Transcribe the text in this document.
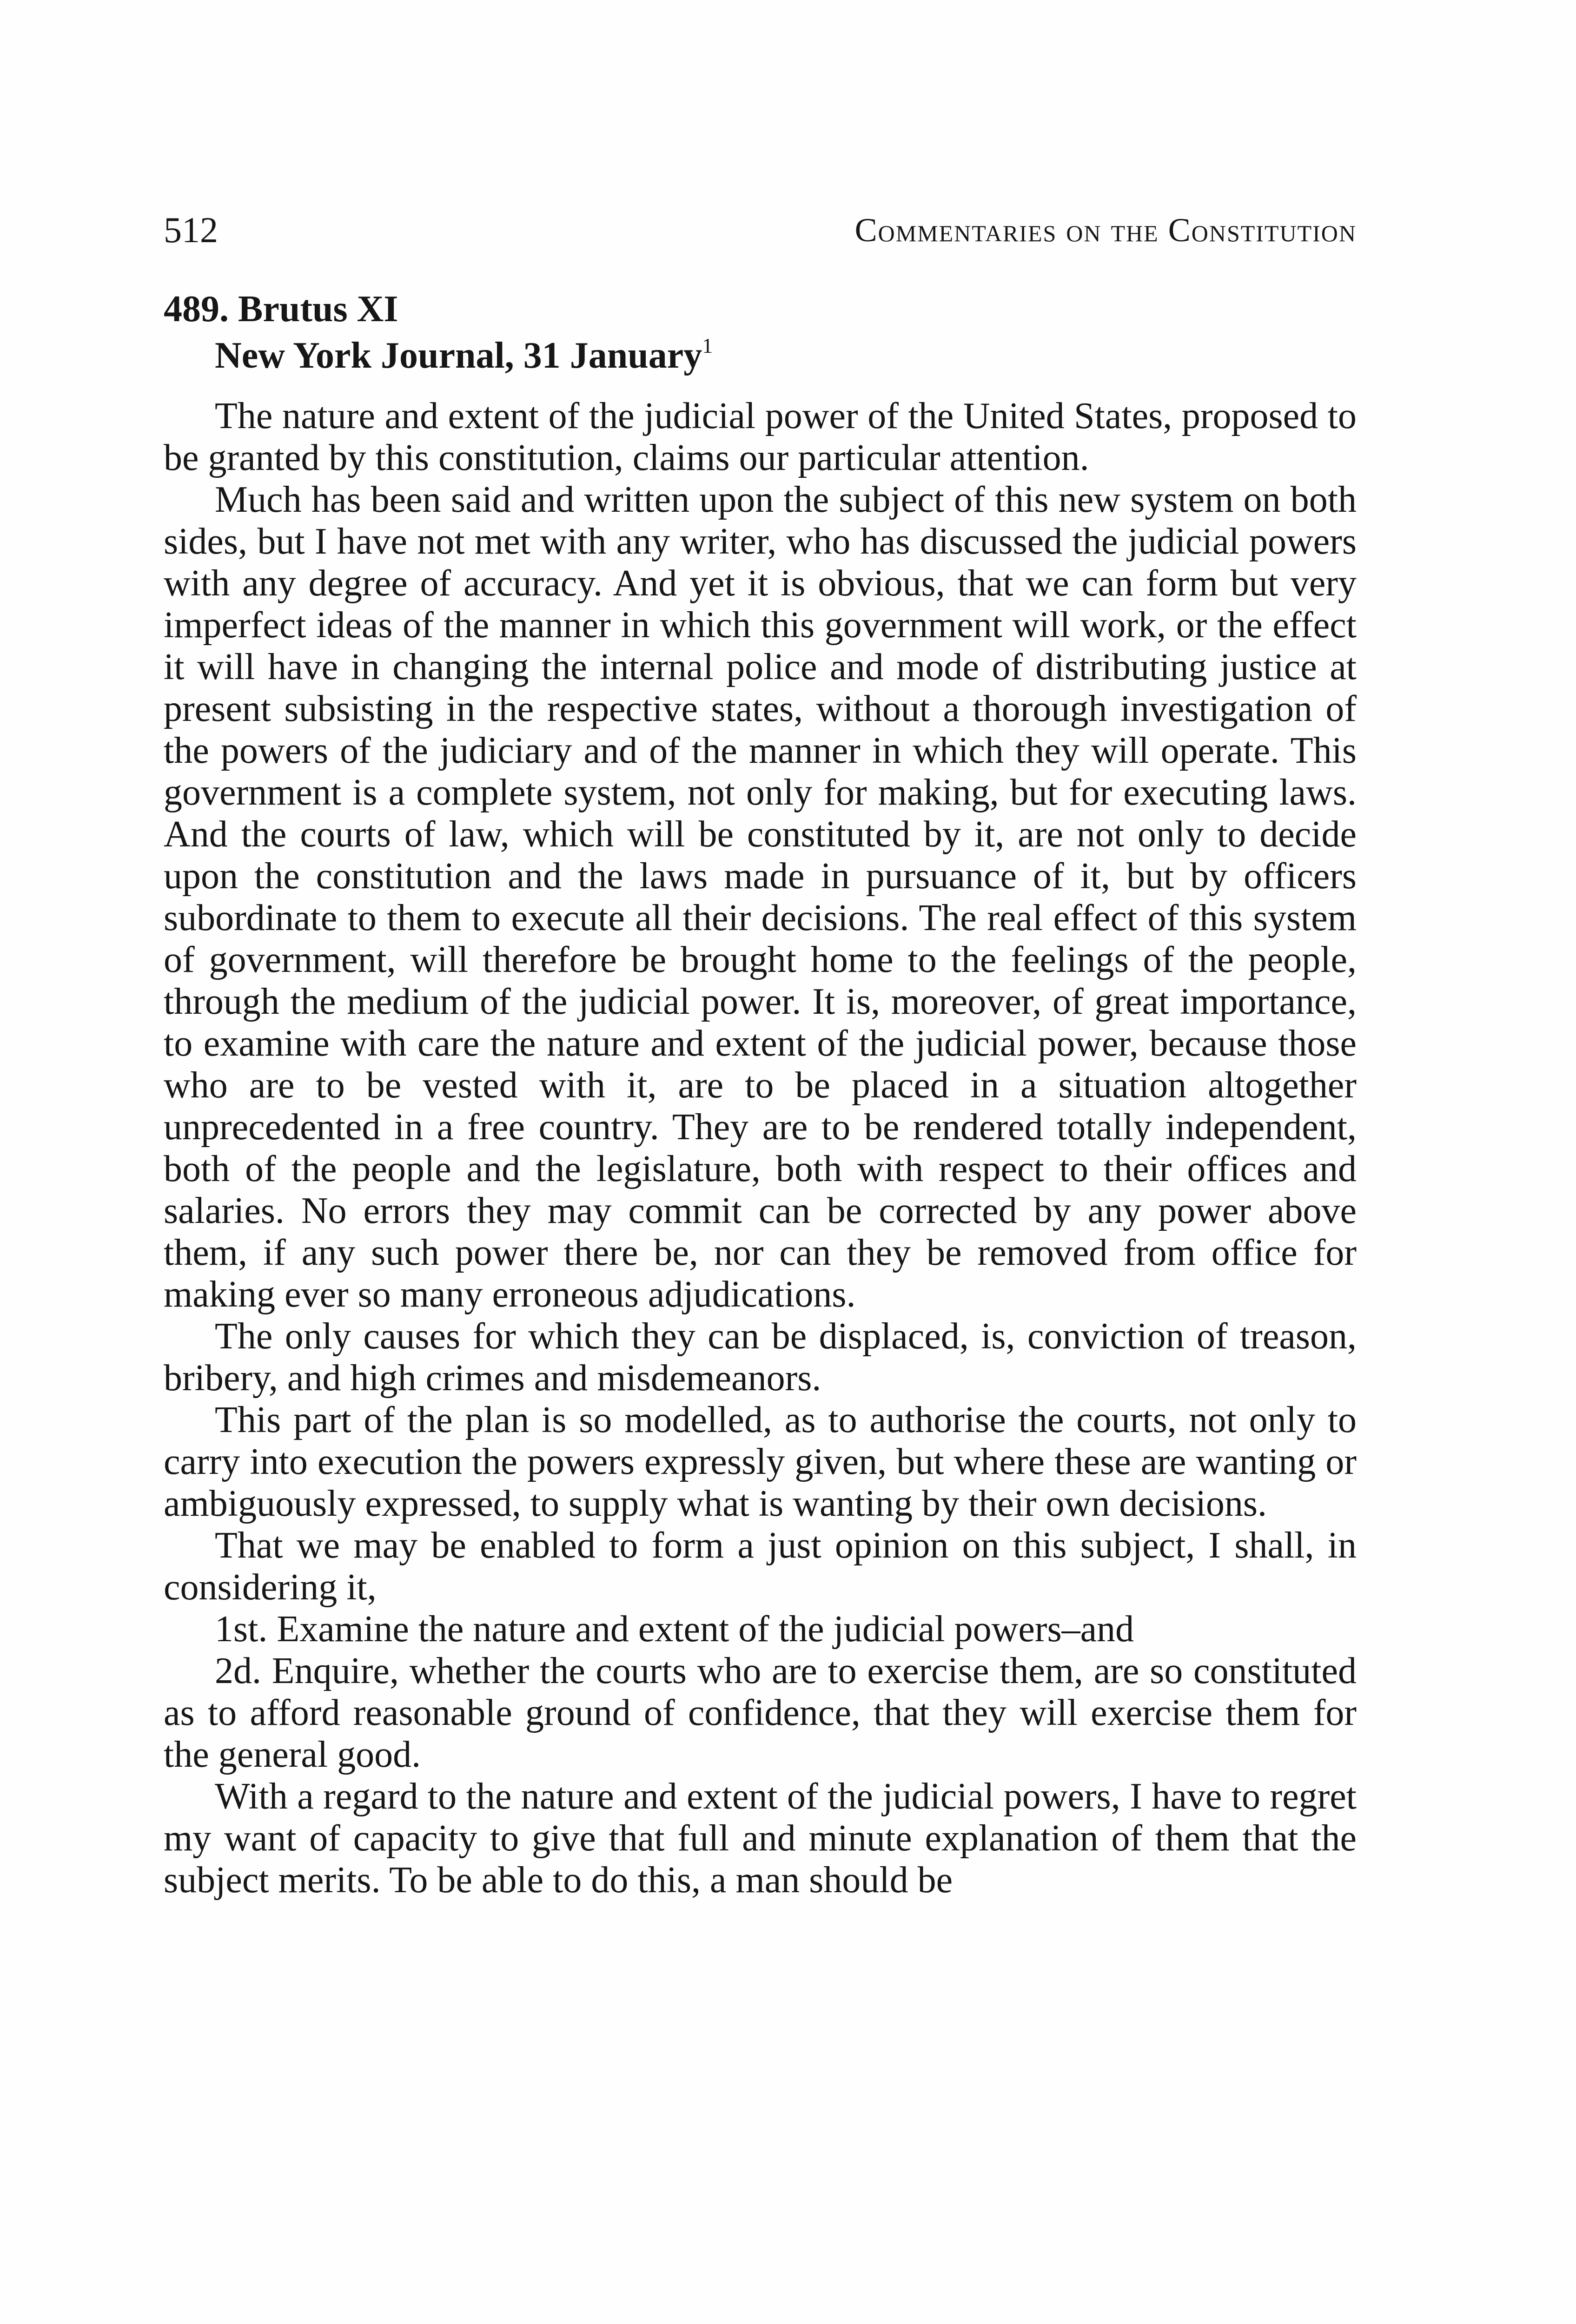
512	Commentaries on the Constitution
489. Brutus XI
New York Journal, 31 January$^1$

The nature and extent of the judicial power of the United States, proposed to be granted by this constitution, claims our particular attention.

Much has been said and written upon the subject of this new system on both sides, but I have not met with any writer, who has discussed the judicial powers with any degree of accuracy. And yet it is obvious, that we can form but very imperfect ideas of the manner in which this government will work, or the effect it will have in changing the internal police and mode of distributing justice at present subsisting in the respective states, without a thorough investigation of the powers of the judiciary and of the manner in which they will operate. This government is a complete system, not only for making, but for executing laws. And the courts of law, which will be constituted by it, are not only to decide upon the constitution and the laws made in pursuance of it, but by officers subordinate to them to execute all their decisions. The real effect of this system of government, will therefore be brought home to the feelings of the people, through the medium of the judicial power. It is, moreover, of great importance, to examine with care the nature and extent of the judicial power, because those who are to be vested with it, are to be placed in a situation altogether unprecedented in a free country. They are to be rendered totally independent, both of the people and the legislature, both with respect to their offices and salaries. No errors they may commit can be corrected by any power above them, if any such power there be, nor can they be removed from office for making ever so many erroneous adjudications.

The only causes for which they can be displaced, is, conviction of treason, bribery, and high crimes and misdemeanors.

This part of the plan is so modelled, as to authorise the courts, not only to carry into execution the powers expressly given, but where these are wanting or ambiguously expressed, to supply what is wanting by their own decisions.

That we may be enabled to form a just opinion on this subject, I shall, in considering it,

1st. Examine the nature and extent of the judicial powers–and

2d. Enquire, whether the courts who are to exercise them, are so constituted as to afford reasonable ground of confidence, that they will exercise them for the general good.

With a regard to the nature and extent of the judicial powers, I have to regret my want of capacity to give that full and minute explanation of them that the subject merits. To be able to do this, a man should be
